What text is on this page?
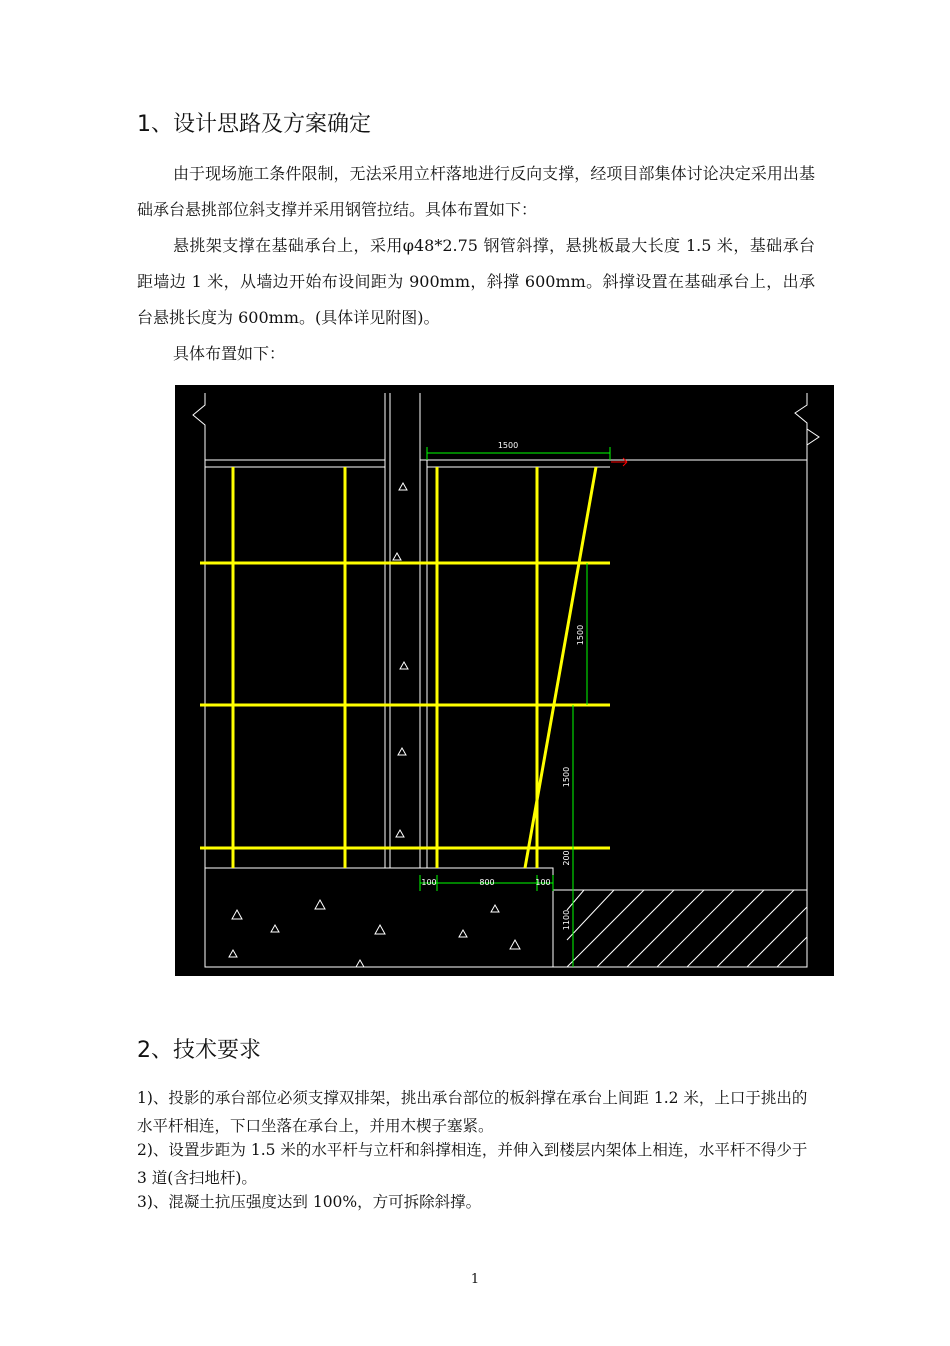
1、设计思路及方案确定

由于现场施工条件限制，无法采用立杆落地进行反向支撑，经项目部集体讨论决定采用出基础承台悬挑部位斜支撑并采用钢管拉结。具体布置如下：

悬挑架支撑在基础承台上，采用φ48*2.75 钢管斜撑，悬挑板最大长度 1.5 米，基础承台距墙边 1 米，从墙边开始布设间距为 900mm，斜撑 600mm。斜撑设置在基础承台上，出承台悬挑长度为 600mm。(具体详见附图)。

具体布置如下：

1500
1500
1500
200
1100
100	800	100
2、技术要求

1)、投影的承台部位必须支撑双排架，挑出承台部位的板斜撑在承台上间距 1.2 米，上口于挑出的水平杆相连，下口坐落在承台上，并用木楔子塞紧。

2)、设置步距为 1.5 米的水平杆与立杆和斜撑相连，并伸入到楼层内架体上相连，水平杆不得少于 3 道(含扫地杆)。

3)、混凝土抗压强度达到 100%，方可拆除斜撑。

1
